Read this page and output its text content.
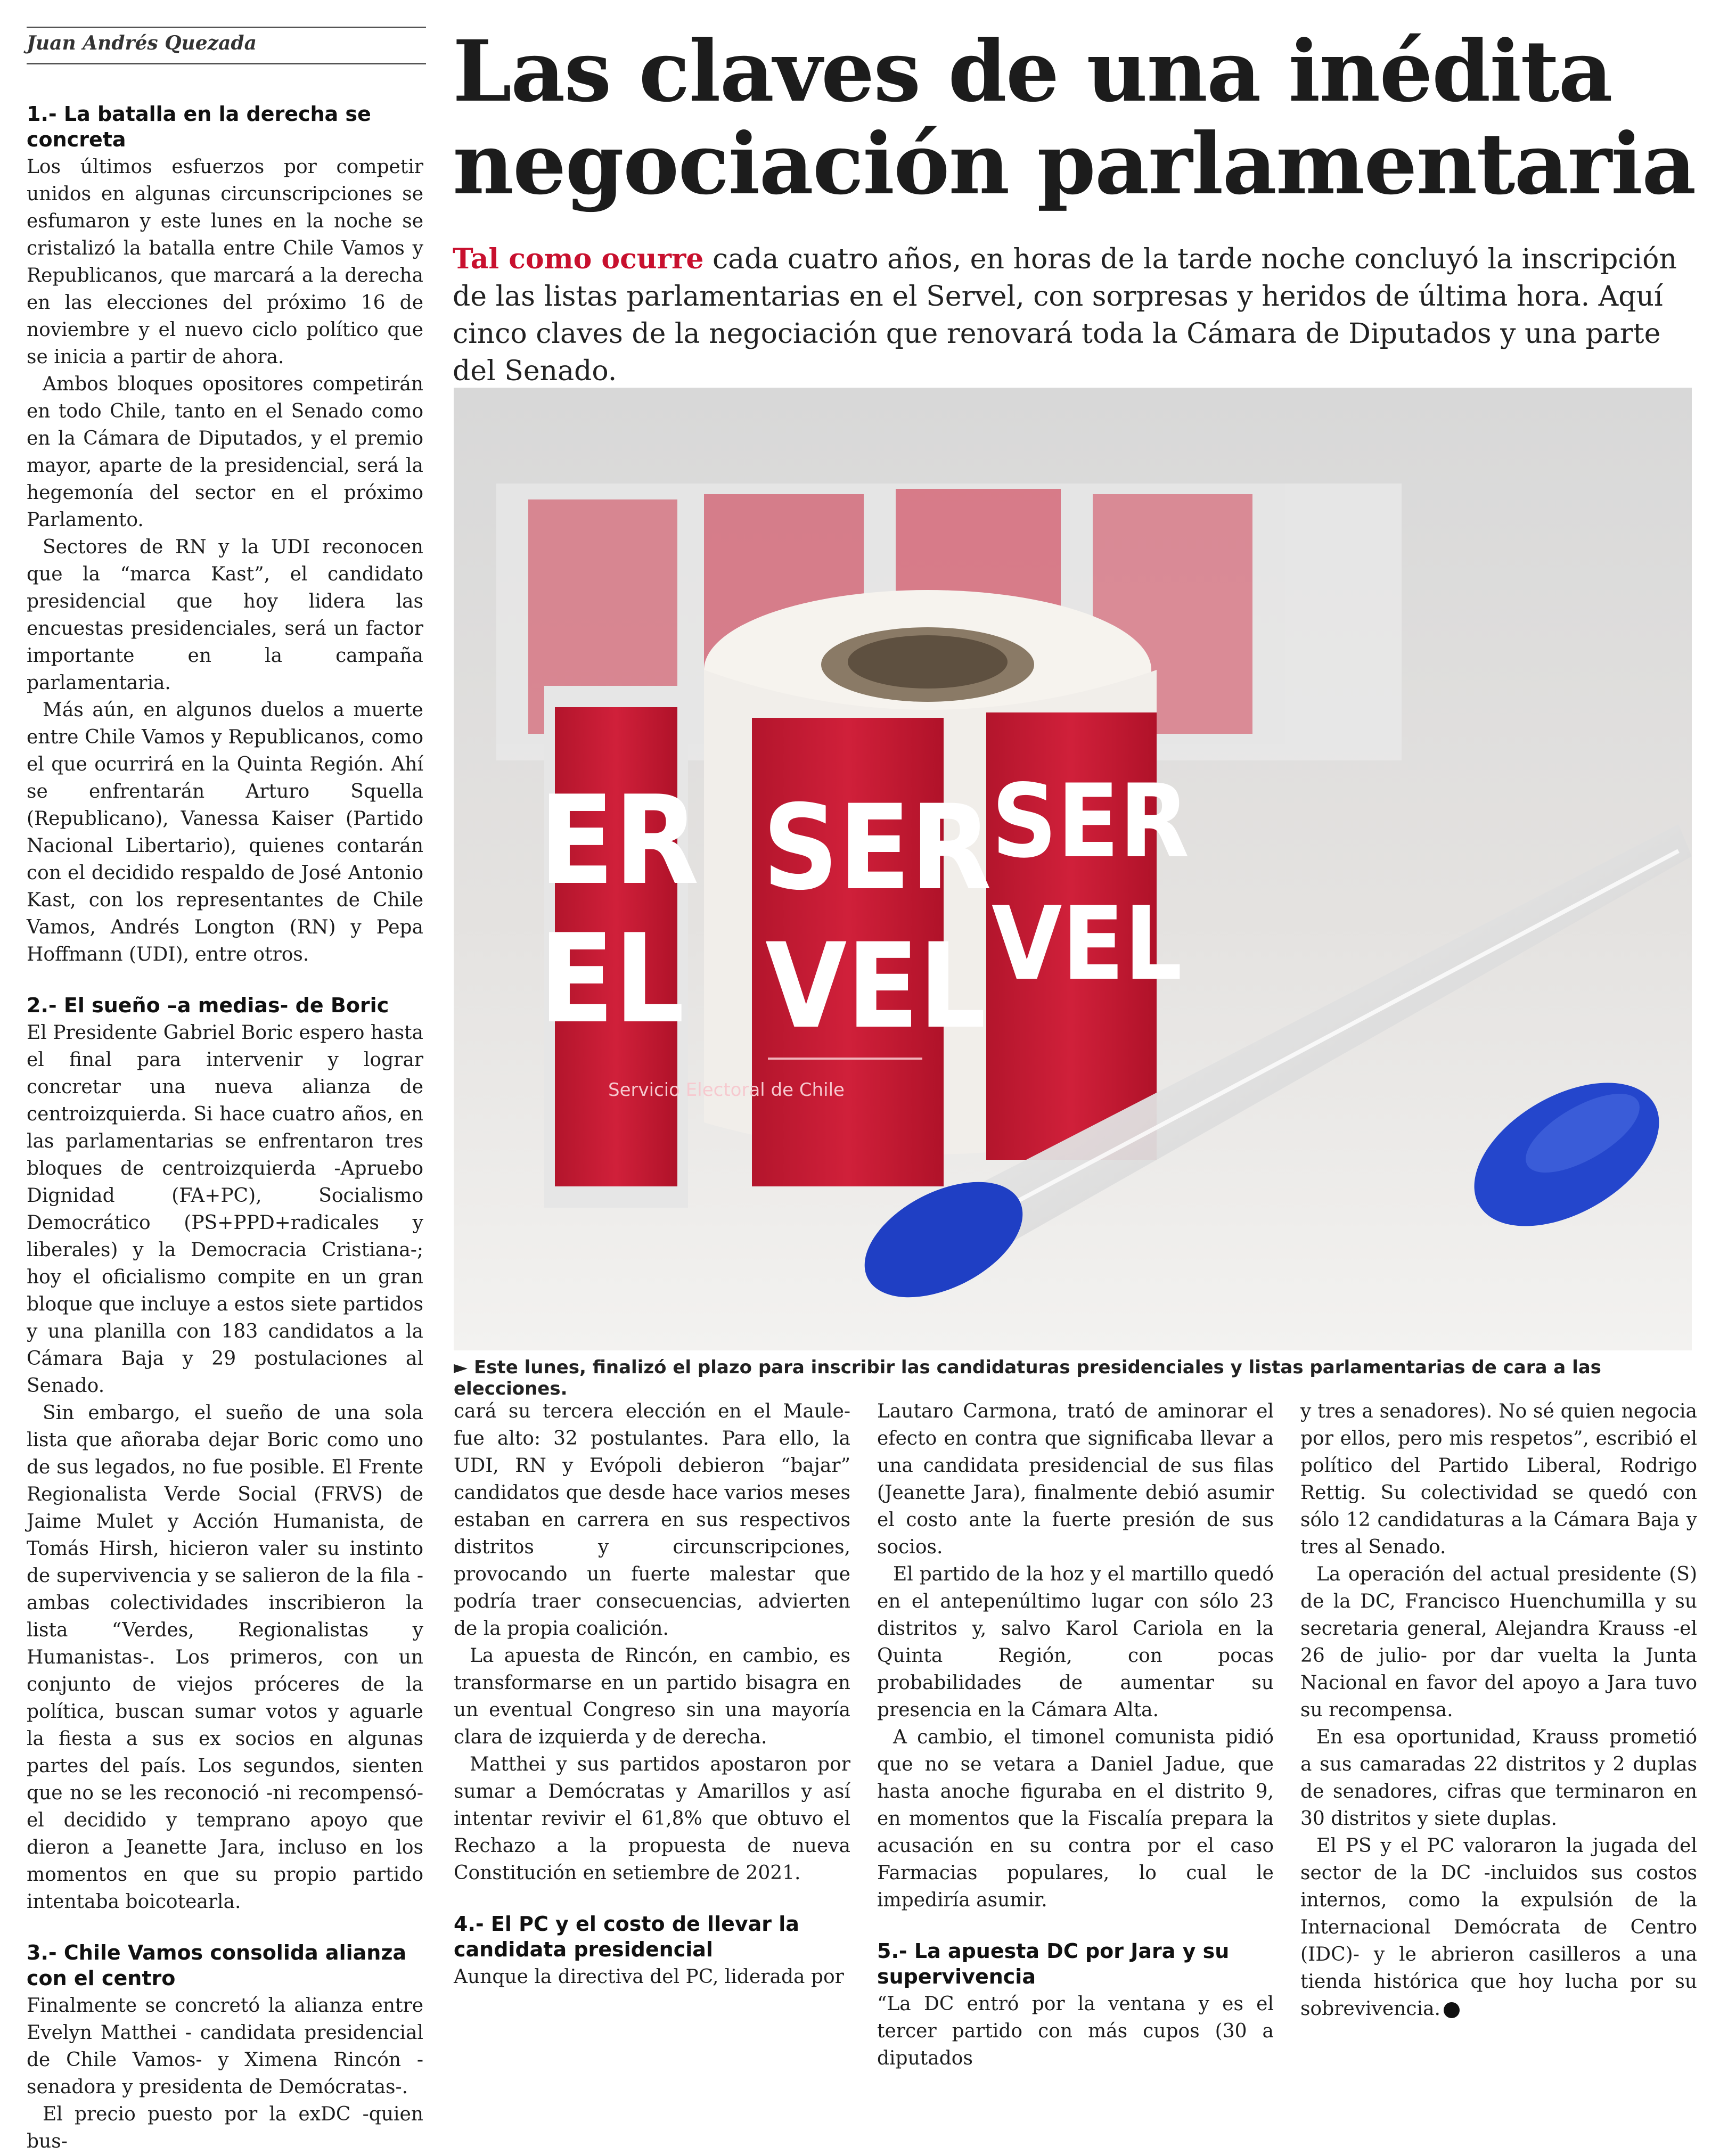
Juan Andrés Quezada	Las claves de una inédita negociación parlamentaria

Tal como ocurre cada cuatro años, en horas de la tarde noche concluyó la inscripción de las listas parlamentarias en el Servel, con sorpresas y heridos de última hora. Aquí cinco claves de la negociación que renovará toda la Cámara de Diputados y una parte del Senado.

ER
EL
SER
VEL
SER
VEL
Servicio Electoral de Chile
► Este lunes, finalizó el plazo para inscribir las candidaturas presidenciales y listas parlamentarias de cara a las elecciones.
1.- La batalla en la derecha se concreta

Los últimos esfuerzos por competir unidos en algunas circunscripciones se esfumaron y este lunes en la noche se cristalizó la batalla entre Chile Vamos y Republicanos, que marcará a la derecha en las elecciones del próximo 16 de noviembre y el nuevo ciclo político que se inicia a partir de ahora.

Ambos bloques opositores competirán en todo Chile, tanto en el Senado como en la Cámara de Diputados, y el premio mayor, aparte de la presidencial, será la hegemonía del sector en el próximo Parlamento.

Sectores de RN y la UDI reconocen que la “marca Kast”, el candidato presidencial que hoy lidera las encuestas presidenciales, será un factor importante en la campaña parlamentaria.

Más aún, en algunos duelos a muerte entre Chile Vamos y Republicanos, como el que ocurrirá en la Quinta Región. Ahí se enfrentarán Arturo Squella (Republicano), Vanessa Kaiser (Partido Nacional Libertario), quienes contarán con el decidido respaldo de José Antonio Kast, con los representantes de Chile Vamos, Andrés Longton (RN) y Pepa Hoffmann (UDI), entre otros.

2.- El sueño –a medias- de Boric

El Presidente Gabriel Boric espero hasta el final para intervenir y lograr concretar una nueva alianza de centroizquierda. Si hace cuatro años, en las parlamentarias se enfrentaron tres bloques de centroizquierda -Apruebo Dignidad (FA+PC), Socialismo Democrático (PS+PPD+radicales y liberales) y la Democracia Cristiana-; hoy el oficialismo compite en un gran bloque que incluye a estos siete partidos y una planilla con 183 candidatos a la Cámara Baja y 29 postulaciones al Senado.

Sin embargo, el sueño de una sola lista que añoraba dejar Boric como uno de sus legados, no fue posible. El Frente Regionalista Verde Social (FRVS) de Jaime Mulet y Acción Humanista, de Tomás Hirsh, hicieron valer su instinto de supervivencia y se salieron de la fila -ambas colectividades inscribieron la lista “Verdes, Regionalistas y Humanistas-. Los primeros, con un conjunto de viejos próceres de la política, buscan sumar votos y aguarle la fiesta a sus ex socios en algunas partes del país. Los segundos, sienten que no se les reconoció -ni recompensó- el decidido y temprano apoyo que dieron a Jeanette Jara, incluso en los momentos en que su propio partido intentaba boicotearla.

3.- Chile Vamos consolida alianza con el centro

Finalmente se concretó la alianza entre Evelyn Matthei - candidata presidencial de Chile Vamos- y Ximena Rincón -senadora y presidenta de Demócratas-.

El precio puesto por la exDC -quien bus-

cará su tercera elección en el Maule- fue alto: 32 postulantes. Para ello, la UDI, RN y Evópoli debieron “bajar” candidatos que desde hace varios meses estaban en carrera en sus respectivos distritos y circunscripciones, provocando un fuerte malestar que podría traer consecuencias, advierten de la propia coalición.

La apuesta de Rincón, en cambio, es transformarse en un partido bisagra en un eventual Congreso sin una mayoría clara de izquierda y de derecha.

Matthei y sus partidos apostaron por sumar a Demócratas y Amarillos y así intentar revivir el 61,8% que obtuvo el Rechazo a la propuesta de nueva Constitución en setiembre de 2021.

4.- El PC y el costo de llevar la candidata presidencial

Aunque la directiva del PC, liderada por

Lautaro Carmona, trató de aminorar el efecto en contra que significaba llevar a una candidata presidencial de sus filas (Jeanette Jara), finalmente debió asumir el costo ante la fuerte presión de sus socios.

El partido de la hoz y el martillo quedó en el antepenúltimo lugar con sólo 23 distritos y, salvo Karol Cariola en la Quinta Región, con pocas probabilidades de aumentar su presencia en la Cámara Alta.

A cambio, el timonel comunista pidió que no se vetara a Daniel Jadue, que hasta anoche figuraba en el distrito 9, en momentos que la Fiscalía prepara la acusación en su contra por el caso Farmacias populares, lo cual le impediría asumir.

5.- La apuesta DC por Jara y su supervivencia

“La DC entró por la ventana y es el tercer partido con más cupos (30 a diputados

y tres a senadores). No sé quien negocia por ellos, pero mis respetos”, escribió el político del Partido Liberal, Rodrigo Rettig. Su colectividad se quedó con sólo 12 candidaturas a la Cámara Baja y tres al Senado.

La operación del actual presidente (S) de la DC, Francisco Huenchumilla y su secretaria general, Alejandra Krauss -el 26 de julio- por dar vuelta la Junta Nacional en favor del apoyo a Jara tuvo su recompensa.

En esa oportunidad, Krauss prometió a sus camaradas 22 distritos y 2 duplas de senadores, cifras que terminaron en 30 distritos y siete duplas.

El PS y el PC valoraron la jugada del sector de la DC -incluidos sus costos internos, como la expulsión de la Internacional Demócrata de Centro (IDC)- y le abrieron casilleros a una tienda histórica que hoy lucha por su sobrevivencia.
